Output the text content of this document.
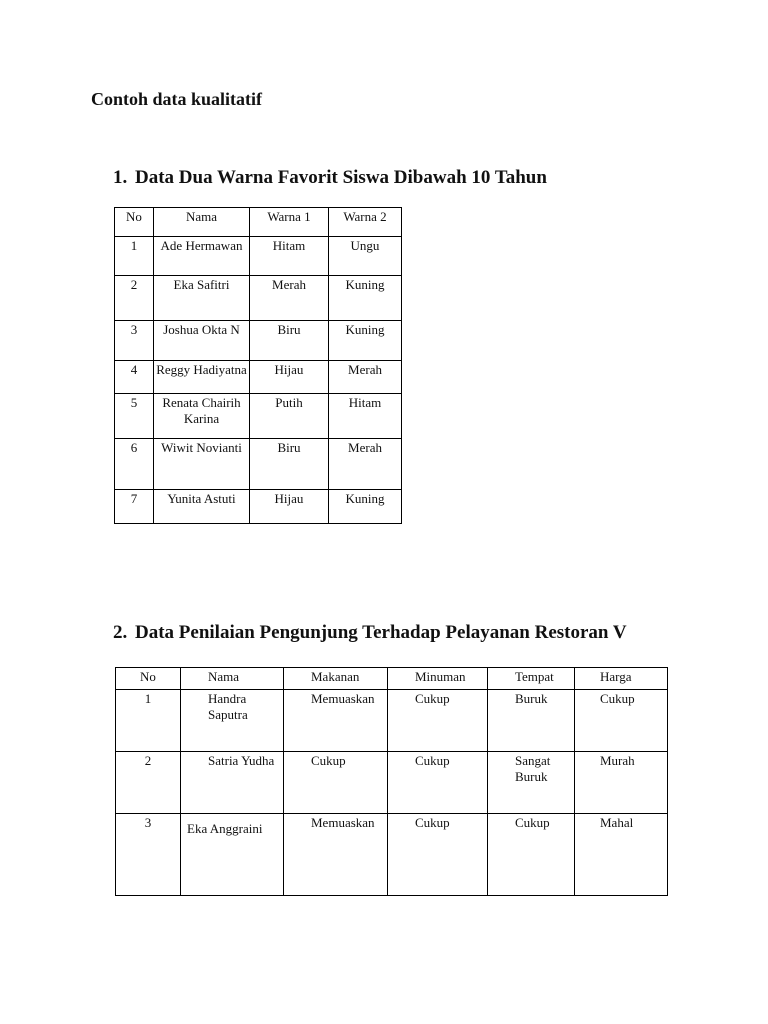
Contoh data kualitatif
1. Data Dua Warna Favorit Siswa Dibawah 10 Tahun
No	Nama	Warna 1	Warna 2
1	Ade Hermawan	Hitam	Ungu
2	Eka Safitri	Merah	Kuning
3	Joshua Okta N	Biru	Kuning
4	Reggy Hadiyatna	Hijau	Merah
5	Renata Chairih Karina	Putih	Hitam
6	Wiwit Novianti	Biru	Merah
7	Yunita Astuti	Hijau	Kuning
2. Data Penilaian Pengunjung Terhadap Pelayanan Restoran V
No	Nama	Makanan	Minuman	Tempat	Harga
1	Handra Saputra	Memuaskan	Cukup	Buruk	Cukup
2	Satria Yudha	Cukup	Cukup	Sangat Buruk	Murah
3	Eka Anggraini	Memuaskan	Cukup	Cukup	Mahal
